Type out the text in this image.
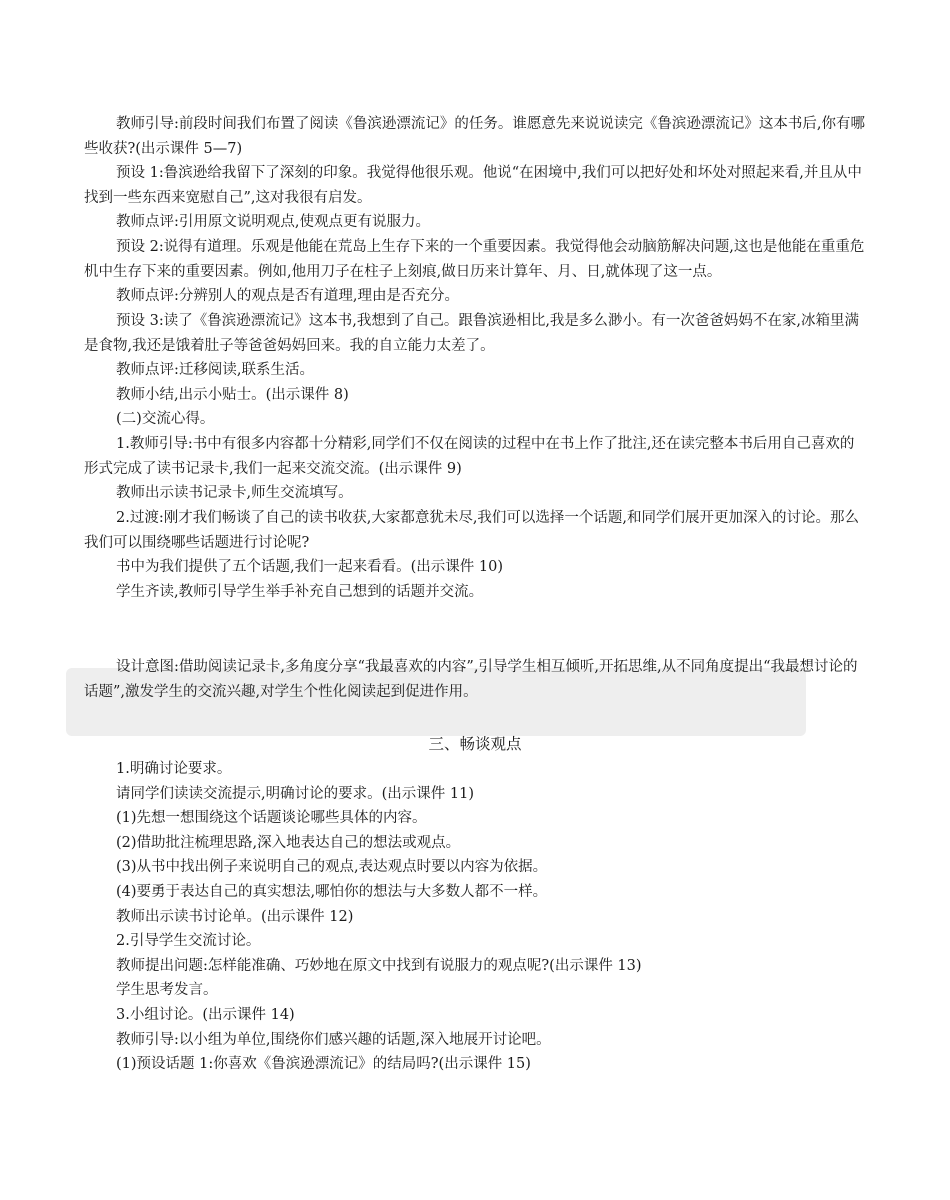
教师引导:前段时间我们布置了阅读《鲁滨逊漂流记》的任务。谁愿意先来说说读完《鲁滨逊漂流记》这本书后,你有哪些收获?(出示课件 5—7)
预设 1:鲁滨逊给我留下了深刻的印象。我觉得他很乐观。他说“在困境中,我们可以把好处和坏处对照起来看,并且从中找到一些东西来宽慰自己”,这对我很有启发。
教师点评:引用原文说明观点,使观点更有说服力。
预设 2:说得有道理。乐观是他能在荒岛上生存下来的一个重要因素。我觉得他会动脑筋解决问题,这也是他能在重重危机中生存下来的重要因素。例如,他用刀子在柱子上刻痕,做日历来计算年、月、日,就体现了这一点。
教师点评:分辨别人的观点是否有道理,理由是否充分。
预设 3:读了《鲁滨逊漂流记》这本书,我想到了自己。跟鲁滨逊相比,我是多么渺小。有一次爸爸妈妈不在家,冰箱里满是食物,我还是饿着肚子等爸爸妈妈回来。我的自立能力太差了。
教师点评:迁移阅读,联系生活。
教师小结,出示小贴士。(出示课件 8)
(二)交流心得。
1.教师引导:书中有很多内容都十分精彩,同学们不仅在阅读的过程中在书上作了批注,还在读完整本书后用自己喜欢的形式完成了读书记录卡,我们一起来交流交流。(出示课件 9)
教师出示读书记录卡,师生交流填写。
2.过渡:刚才我们畅谈了自己的读书收获,大家都意犹未尽,我们可以选择一个话题,和同学们展开更加深入的讨论。那么我们可以围绕哪些话题进行讨论呢?
书中为我们提供了五个话题,我们一起来看看。(出示课件 10)
学生齐读,教师引导学生举手补充自己想到的话题并交流。
设计意图:借助阅读记录卡,多角度分享“我最喜欢的内容”,引导学生相互倾听,开拓思维,从不同角度提出“我最想讨论的话题”,激发学生的交流兴趣,对学生个性化阅读起到促进作用。
三、畅谈观点
1.明确讨论要求。
请同学们读读交流提示,明确讨论的要求。(出示课件 11)
(1)先想一想围绕这个话题谈论哪些具体的内容。
(2)借助批注梳理思路,深入地表达自己的想法或观点。
(3)从书中找出例子来说明自己的观点,表达观点时要以内容为依据。
(4)要勇于表达自己的真实想法,哪怕你的想法与大多数人都不一样。
教师出示读书讨论单。(出示课件 12)
2.引导学生交流讨论。
教师提出问题:怎样能准确、巧妙地在原文中找到有说服力的观点呢?(出示课件 13)
学生思考发言。
3.小组讨论。(出示课件 14)
教师引导:以小组为单位,围绕你们感兴趣的话题,深入地展开讨论吧。
(1)预设话题 1:你喜欢《鲁滨逊漂流记》的结局吗?(出示课件 15)
